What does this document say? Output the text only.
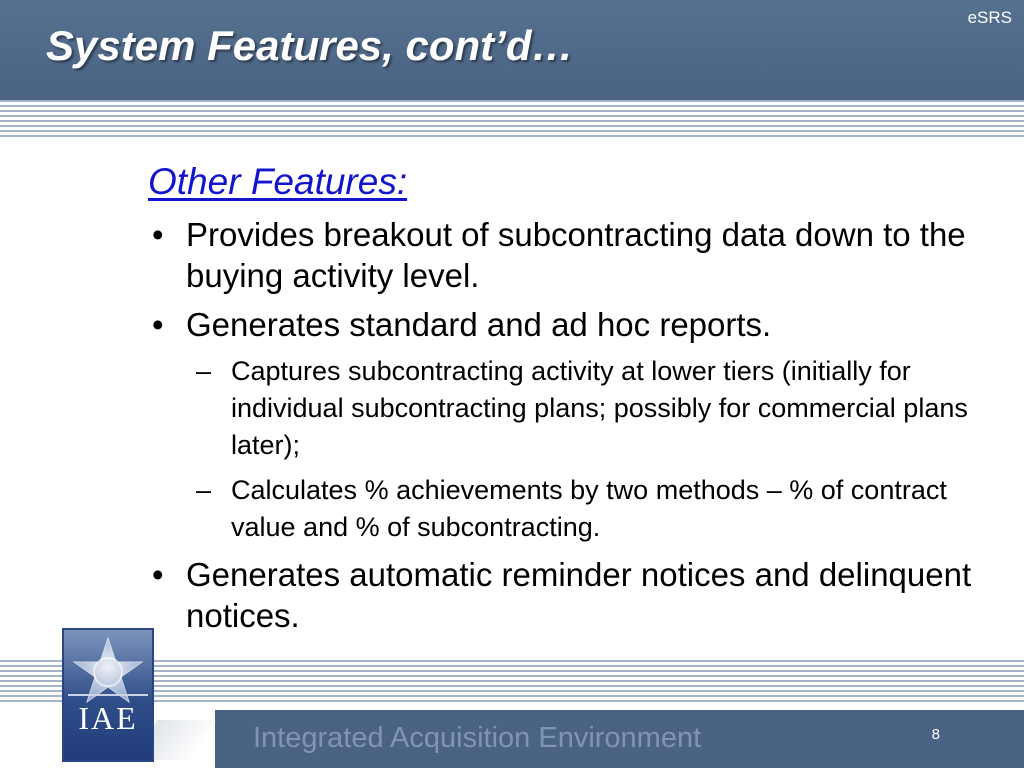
System Features, cont’d…
eSRS
Other Features:
• Provides breakout of subcontracting data down to the buying activity level.
• Generates standard and ad hoc reports.
– Captures subcontracting activity at lower tiers (initially for individual subcontracting plans; possibly for commercial plans later);
– Calculates % achievements by two methods – % of contract value and % of subcontracting.
• Generates automatic reminder notices and delinquent notices.
Integrated Acquisition Environment	8
IAE
